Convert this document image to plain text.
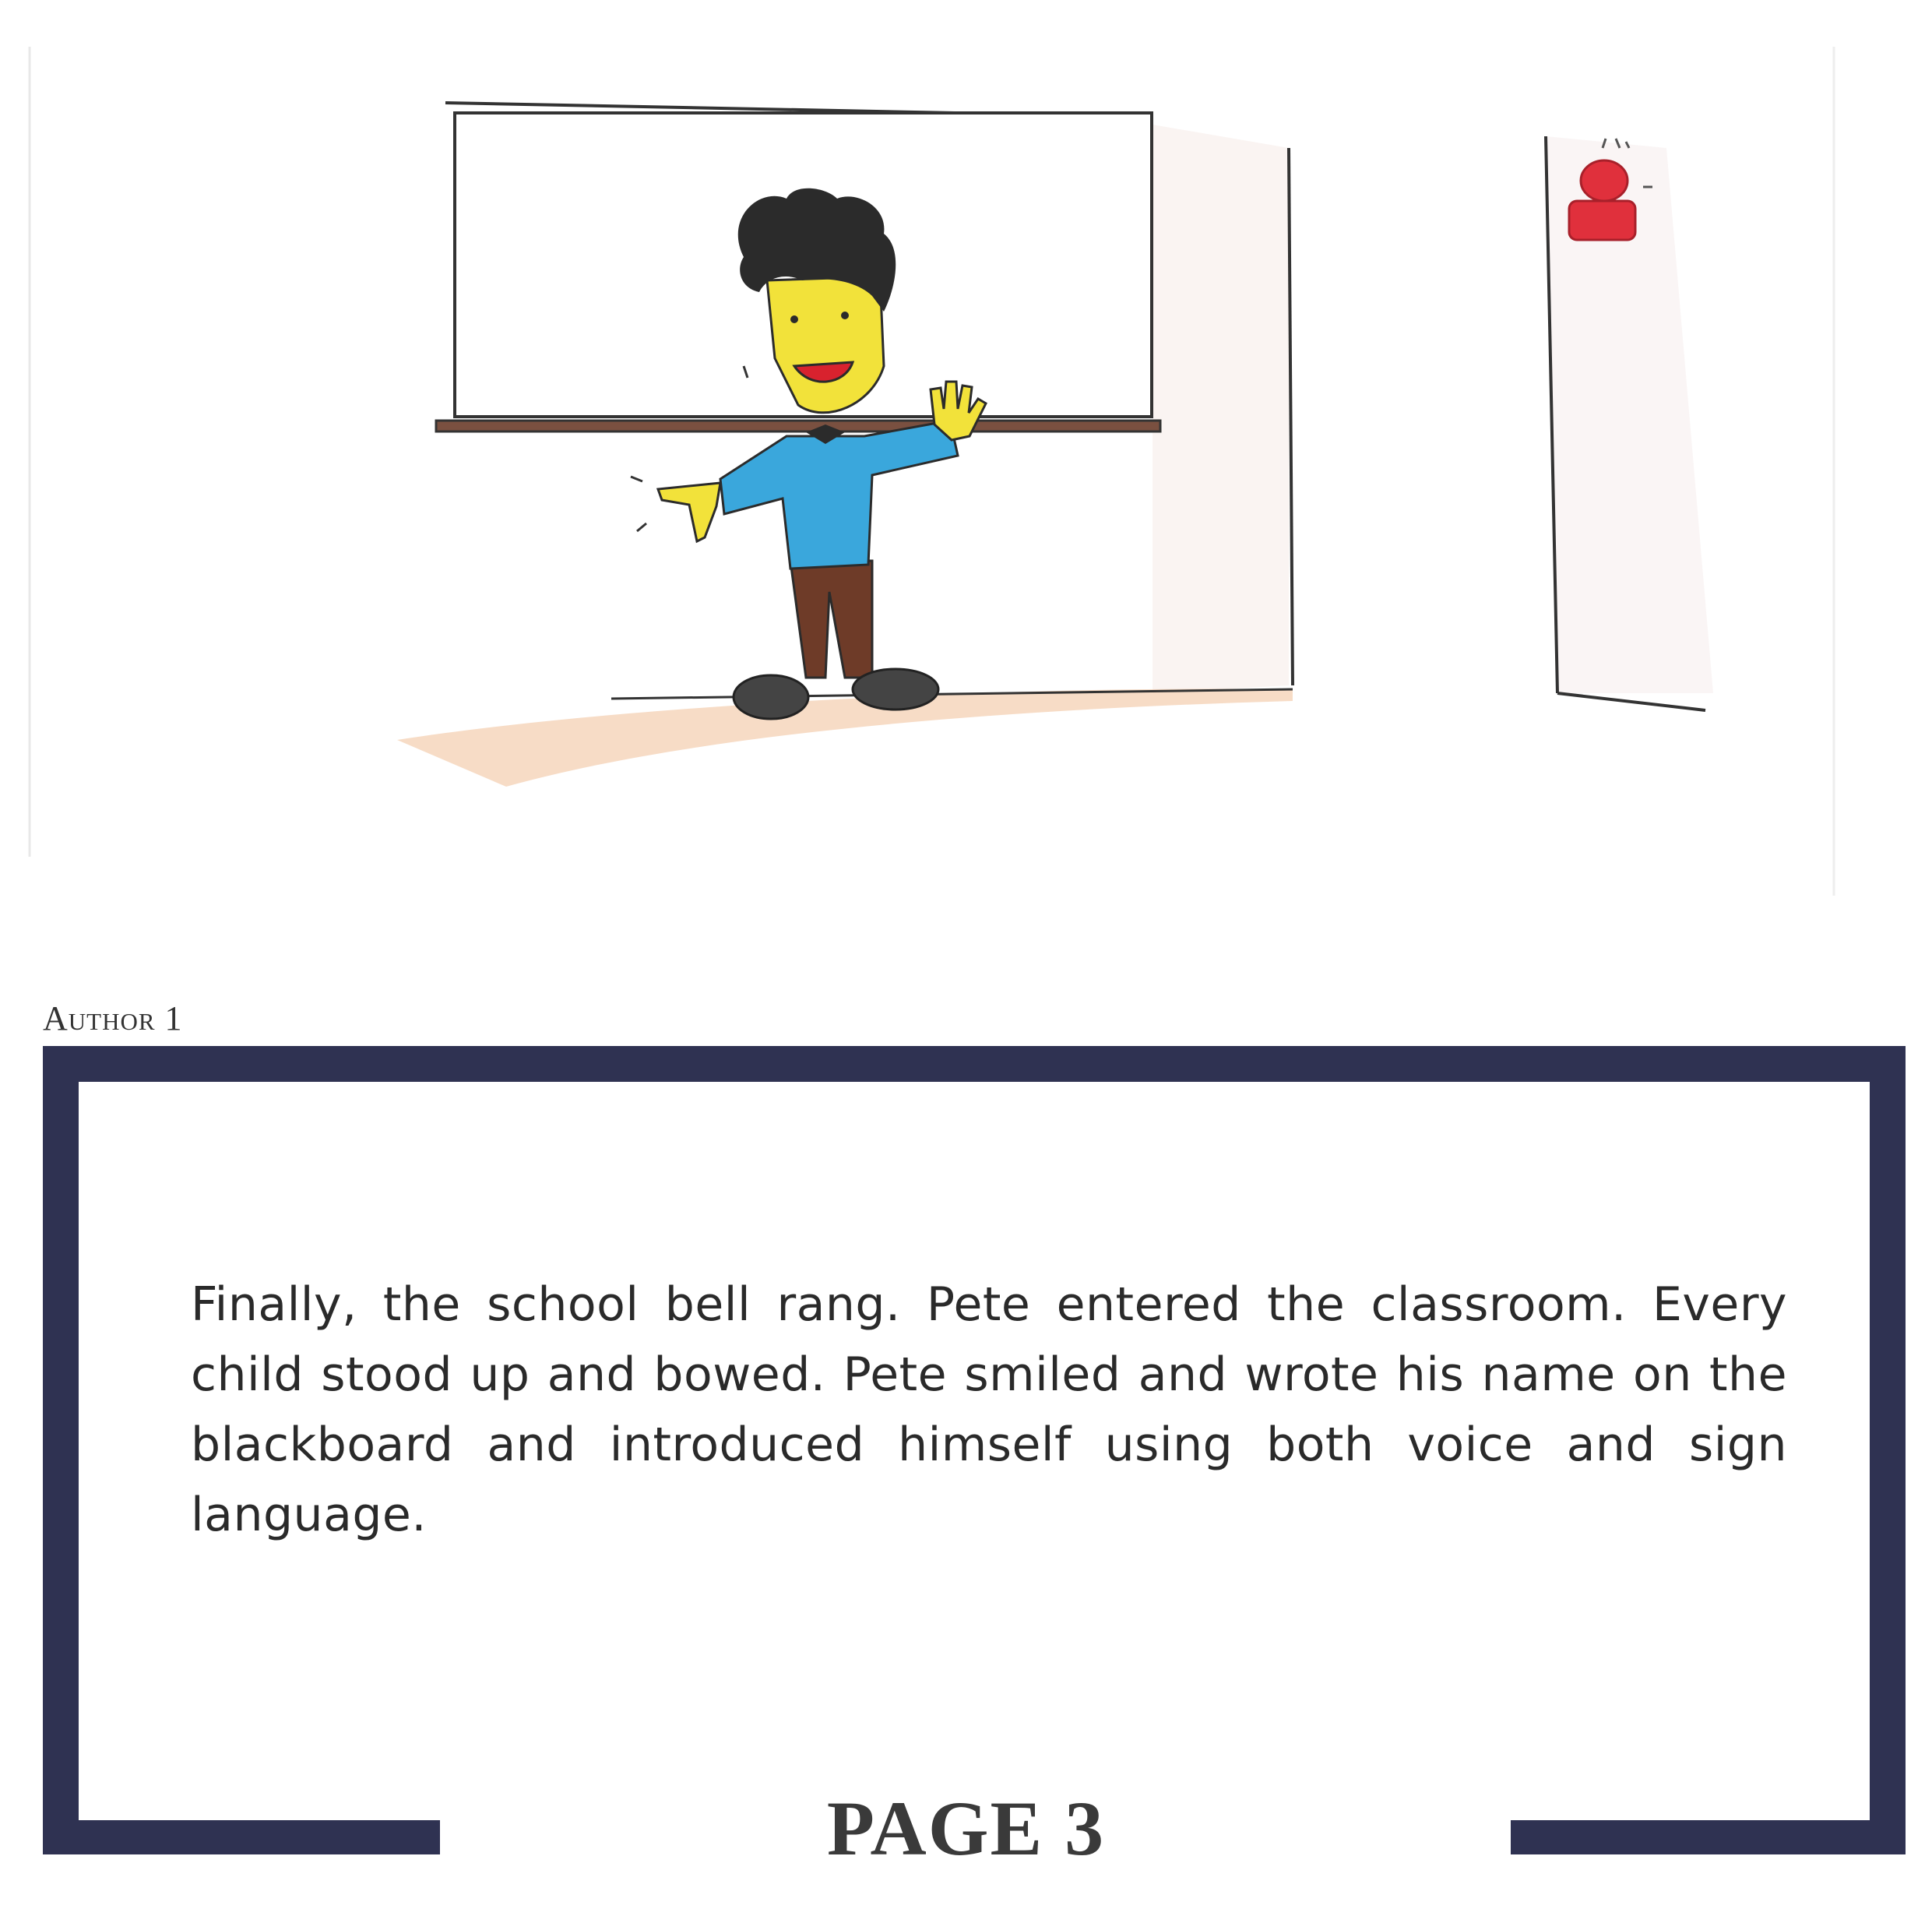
Author 1
Finally, the school bell rang. Pete entered the classroom. Every child stood up and bowed. Pete smiled and wrote his name on the blackboard and introduced himself using both voice and sign language.
PAGE 3
